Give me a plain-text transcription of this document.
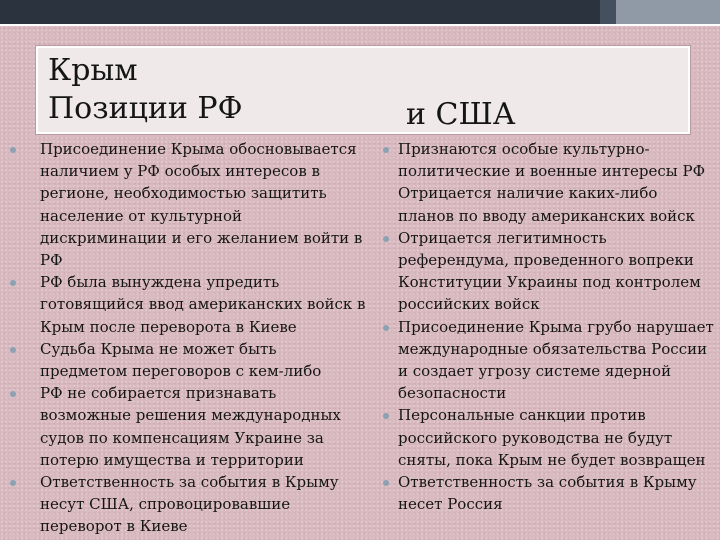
Крым
Позиции РФ	и США
Присоединение Крыма обосновывается наличием у РФ особых интересов в регионе, необходимостью защитить население от культурной дискриминации и его желанием войти в РФ
РФ была вынуждена упредить готовящийся ввод американских войск в Крым после переворота в Киеве
Судьба Крыма не может быть предметом переговоров с кем-либо
РФ не собирается признавать возможные решения международных судов по компенсациям Украине за потерю имущества и территории
Ответственность за события в Крыму несут США, спровоцировавшие переворот в Киеве
Признаются особые культурно-
политические и военные интересы РФ
Отрицается наличие каких-либо
планов по вводу американских войск
Отрицается легитимность
референдума, проведенного вопреки
Конституции Украины под контролем
российских войск
Присоединение Крыма грубо нарушает
международные обязательства России
и создает угрозу системе ядерной
безопасности
Персональные санкции против
российского руководства не будут
сняты, пока Крым не будет возвращен
Ответственность за события в Крыму
несет Россия
